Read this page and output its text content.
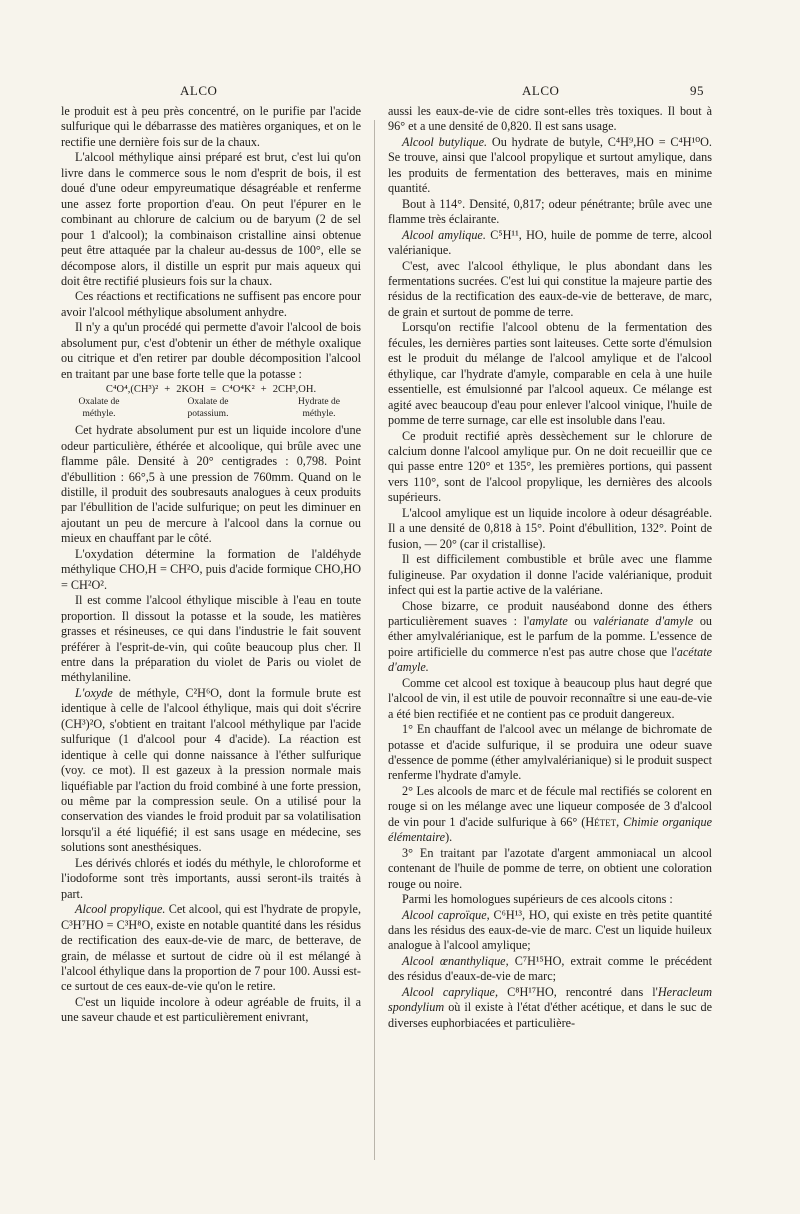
ALCO	ALCO	95

le produit est à peu près concentré, on le purifie par l'acide sulfurique qui le débarrasse des matières organiques, et on le rectifie une dernière fois sur de la chaux.

L'alcool méthylique ainsi préparé est brut, c'est lui qu'on livre dans le commerce sous le nom d'esprit de bois, il est doué d'une odeur empyreumatique désagréable et renferme une assez forte proportion d'eau. On peut l'épurer en le combinant au chlorure de calcium ou de baryum (2 de sel pour 1 d'alcool); la combinaison cristalline ainsi obtenue peut être attaquée par la chaleur au-dessus de 100°, elle se décompose alors, il distille un esprit pur mais aqueux qui doit être rectifié plusieurs fois sur la chaux.

Ces réactions et rectifications ne suffisent pas encore pour avoir l'alcool méthylique absolument anhydre.

Il n'y a qu'un procédé qui permette d'avoir l'alcool de bois absolument pur, c'est d'obtenir un éther de méthyle oxalique ou citrique et d'en retirer par double décomposition l'alcool en traitant par une base forte telle que la potasse :

C⁴O⁴,(CH³)² + 2KOH = C⁴O⁴K² + 2CH³,OH.
Oxalate de méthyle.
Oxalate de potassium.
Hydrate de méthyle.

Cet hydrate absolument pur est un liquide incolore d'une odeur particulière, éthérée et alcoolique, qui brûle avec une flamme pâle. Densité à 20° centigrades : 0,798. Point d'ébullition : 66°,5 à une pression de 760mm. Quand on le distille, il produit des soubresauts analogues à ceux produits par l'ébullition de l'acide sulfurique; on peut les diminuer en ajoutant un peu de mercure à l'alcool dans la cornue ou mieux en chauffant par le côté.

L'oxydation détermine la formation de l'aldéhyde méthylique CHO,H = CH²O, puis d'acide formique CHO,HO = CH²O².

Il est comme l'alcool éthylique miscible à l'eau en toute proportion. Il dissout la potasse et la soude, les matières grasses et résineuses, ce qui dans l'industrie le fait souvent préférer à l'esprit-de-vin, qui coûte beaucoup plus cher. Il entre dans la préparation du violet de Paris ou violet de méthylaniline.

L'oxyde de méthyle, C²H⁶O, dont la formule brute est identique à celle de l'alcool éthylique, mais qui doit s'écrire (CH³)²O, s'obtient en traitant l'alcool méthylique par l'acide sulfurique (1 d'alcool pour 4 d'acide). La réaction est identique à celle qui donne naissance à l'éther sulfurique (voy. ce mot). Il est gazeux à la pression normale mais liquéfiable par l'action du froid combiné à une forte pression, ou même par la compression seule. On a utilisé pour la conservation des viandes le froid produit par sa volatilisation lorsqu'il a été liquéfié; il est sans usage en médecine, ses solutions sont anesthésiques.

Les dérivés chlorés et iodés du méthyle, le chloroforme et l'iodoforme sont très importants, aussi seront-ils traités à part.

Alcool propylique. Cet alcool, qui est l'hydrate de propyle, C³H⁷HO = C³H⁸O, existe en notable quantité dans les résidus de rectification des eaux-de-vie de marc, de betterave, de grain, de mélasse et surtout de cidre où il est mélangé à l'alcool éthylique dans la proportion de 7 pour 100. Aussi est-ce surtout de ces eaux-de-vie qu'on le retire.

C'est un liquide incolore à odeur agréable de fruits, il a une saveur chaude et est particulièrement enivrant,

aussi les eaux-de-vie de cidre sont-elles très toxiques. Il bout à 96° et a une densité de 0,820. Il est sans usage.

Alcool butylique. Ou hydrate de butyle, C⁴H⁹,HO = C⁴H¹⁰O. Se trouve, ainsi que l'alcool propylique et surtout amylique, dans les produits de fermentation des betteraves, mais en minime quantité.

Bout à 114°. Densité, 0,817; odeur pénétrante; brûle avec une flamme très éclairante.

Alcool amylique. C⁵H¹¹, HO, huile de pomme de terre, alcool valérianique.

C'est, avec l'alcool éthylique, le plus abondant dans les fermentations sucrées. C'est lui qui constitue la majeure partie des résidus de la rectification des eaux-de-vie de betterave, de marc, de grain et surtout de pomme de terre.

Lorsqu'on rectifie l'alcool obtenu de la fermentation des fécules, les dernières parties sont laiteuses. Cette sorte d'émulsion est le produit du mélange de l'alcool amylique et de l'alcool éthylique, car l'hydrate d'amyle, comparable en cela à une huile essentielle, est émulsionné par l'alcool aqueux. Ce mélange est agité avec beaucoup d'eau pour enlever l'alcool vinique, l'huile de pomme de terre surnage, car elle est insoluble dans l'eau.

Ce produit rectifié après dessèchement sur le chlorure de calcium donne l'alcool amylique pur. On ne doit recueillir que ce qui passe entre 120° et 135°, les premières portions, qui passent vers 110°, sont de l'alcool propylique, les dernières des alcools supérieurs.

L'alcool amylique est un liquide incolore à odeur désagréable. Il a une densité de 0,818 à 15°. Point d'ébullition, 132°. Point de fusion, — 20° (car il cristallise).

Il est difficilement combustible et brûle avec une flamme fuligineuse. Par oxydation il donne l'acide valérianique, produit infect qui est la partie active de la valériane.

Chose bizarre, ce produit nauséabond donne des éthers particulièrement suaves : l'amylate ou valérianate d'amyle ou éther amylvalérianique, est le parfum de la pomme. L'essence de poire artificielle du commerce n'est pas autre chose que l'acétate d'amyle.

Comme cet alcool est toxique à beaucoup plus haut degré que l'alcool de vin, il est utile de pouvoir reconnaître si une eau-de-vie a été bien rectifiée et ne contient pas ce produit dangereux.

1° En chauffant de l'alcool avec un mélange de bichromate de potasse et d'acide sulfurique, il se produira une odeur suave d'essence de pomme (éther amylvalérianique) si le produit suspect renferme l'hydrate d'amyle.

2° Les alcools de marc et de fécule mal rectifiés se colorent en rouge si on les mélange avec une liqueur composée de 3 d'alcool de vin pour 1 d'acide sulfurique à 66° (Hétet, Chimie organique élémentaire).

3° En traitant par l'azotate d'argent ammoniacal un alcool contenant de l'huile de pomme de terre, on obtient une coloration rouge ou noire.

Parmi les homologues supérieurs de ces alcools citons :

Alcool caproïque, C⁶H¹³, HO, qui existe en très petite quantité dans les résidus des eaux-de-vie de marc. C'est un liquide huileux analogue à l'alcool amylique;

Alcool œnanthylique, C⁷H¹⁵HO, extrait comme le précédent des résidus d'eaux-de-vie de marc;

Alcool caprylique, C⁸H¹⁷HO, rencontré dans l'Heracleum spondylium où il existe à l'état d'éther acétique, et dans le suc de diverses euphorbiacées et particulière-
